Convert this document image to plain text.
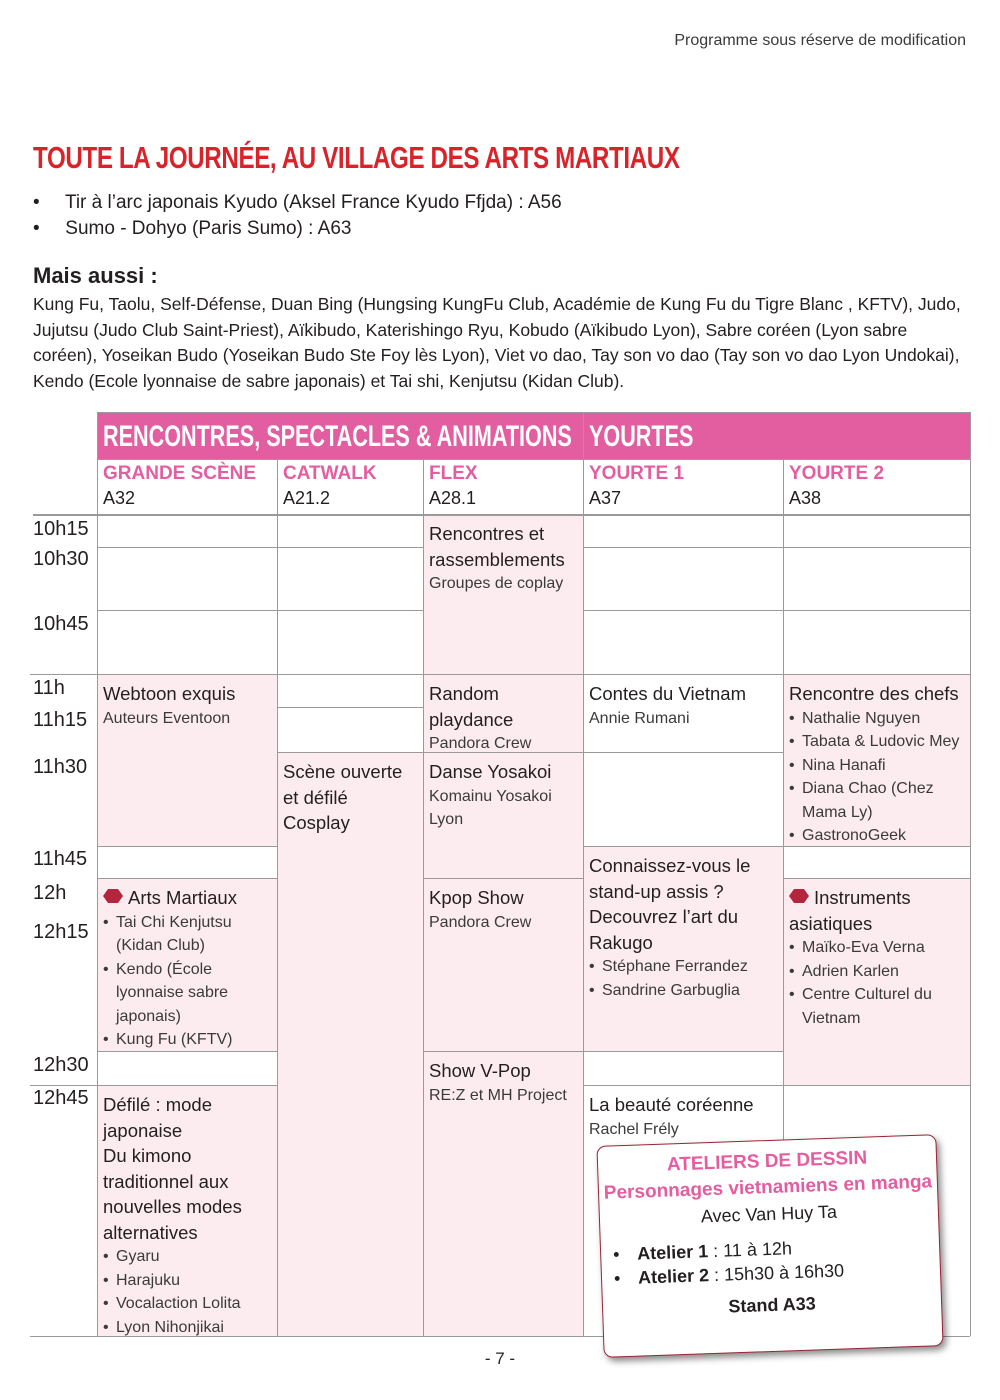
Programme sous réserve de modification
TOUTE LA JOURNÉE, AU VILLAGE DES ARTS MARTIAUX
• Tir à l’arc japonais Kyudo (Aksel France Kyudo Ffjda) : A56
• Sumo - Dohyo (Paris Sumo) : A63
Mais aussi :

Kung Fu, Taolu, Self-Défense, Duan Bing (Hungsing KungFu Club, Académie de Kung Fu du Tigre Blanc , KFTV), Judo, Jujutsu (Judo Club Saint-Priest), Aïkibudo, Katerishingo Ryu, Kobudo (Aïkibudo Lyon), Sabre coréen (Lyon sabre coréen), Yoseikan Budo (Yoseikan Budo Ste Foy lès Lyon), Viet vo dao, Tay son vo dao (Tay son vo dao Lyon Undokai), Kendo (Ecole lyonnaise de sabre japonais) et Tai shi, Kenjutsu (Kidan Club).

RENCONTRES, SPECTACLES & ANIMATIONS YOURTES
GRANDE SCÈNE
A32
CATWALK
A21.2
FLEX
A28.1
YOURTE 1
A37
YOURTE 2
A38
10h15
10h30
10h45
11h
11h15
11h30
11h45
12h
12h15
12h30
12h45
Rencontres et rassemblements
Groupes de coplay
Webtoon exquis
Auteurs Eventoon
Random playdance
Pandora Crew
Contes du Vietnam
Annie Rumani
Rencontre des chefs
• Nathalie Nguyen
• Tabata & Ludovic Mey
• Nina Hanafi
• Diana Chao (Chez Mama Ly)
• GastronoGeek
Scène ouverte et défilé Cosplay
Danse Yosakoi
Komainu Yosakoi Lyon
Connaissez-vous le stand-up assis ?
Decouvrez l’art du Rakugo
• Stéphane Ferrandez
• Sandrine Garbuglia
Arts Martiaux
• Tai Chi Kenjutsu (Kidan Club)
• Kendo (École lyonnaise sabre japonais)
• Kung Fu (KFTV)
Kpop Show
Pandora Crew
Instruments asiatiques
• Maïko-Eva Verna
• Adrien Karlen
• Centre Culturel du Vietnam
Show V-Pop
RE:Z et MH Project
Défilé : mode japonaise
Du kimono traditionnel aux nouvelles modes alternatives
• Gyaru
• Harajuku
• Vocalaction Lolita
• Lyon Nihonjikai
La beauté coréenne
Rachel Frély
ATELIERS DE DESSIN
Personnages vietnamiens en manga
Avec Van Huy Ta
• Atelier 1 : 11 à 12h
• Atelier 2 : 15h30 à 16h30
Stand A33
- 7 -
